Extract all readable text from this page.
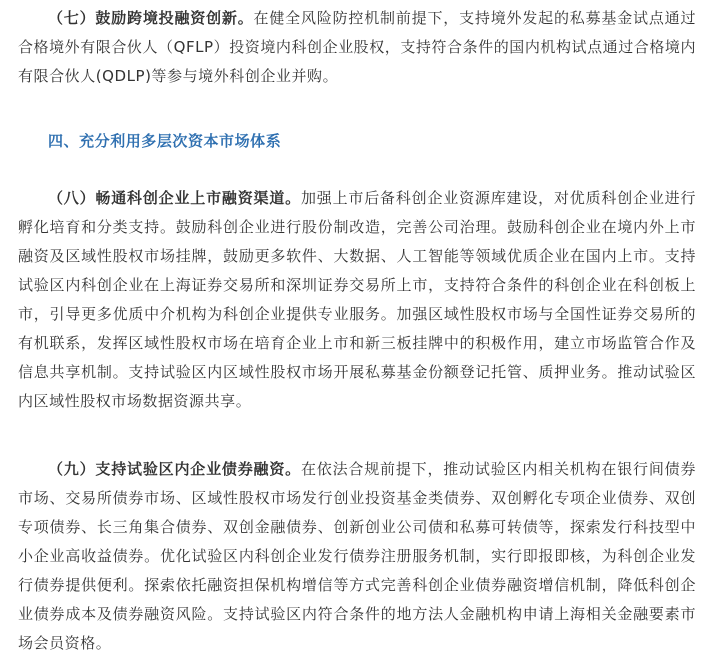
（七）鼓励跨境投融资创新。在健全风险防控机制前提下，支持境外发起的私募基金试点通过合格境外有限合伙人（QFLP）投资境内科创企业股权，支持符合条件的国内机构试点通过合格境内有限合伙人(QDLP)等参与境外科创企业并购。

四、充分利用多层次资本市场体系

（八）畅通科创企业上市融资渠道。加强上市后备科创企业资源库建设，对优质科创企业进行孵化培育和分类支持。鼓励科创企业进行股份制改造，完善公司治理。鼓励科创企业在境内外上市融资及区域性股权市场挂牌，鼓励更多软件、大数据、人工智能等领域优质企业在国内上市。支持试验区内科创企业在上海证券交易所和深圳证券交易所上市，支持符合条件的科创企业在科创板上市，引导更多优质中介机构为科创企业提供专业服务。加强区域性股权市场与全国性证券交易所的有机联系，发挥区域性股权市场在培育企业上市和新三板挂牌中的积极作用，建立市场监管合作及信息共享机制。支持试验区内区域性股权市场开展私募基金份额登记托管、质押业务。推动试验区内区域性股权市场数据资源共享。

（九）支持试验区内企业债券融资。在依法合规前提下，推动试验区内相关机构在银行间债券市场、交易所债券市场、区域性股权市场发行创业投资基金类债券、双创孵化专项企业债券、双创专项债券、长三角集合债券、双创金融债券、创新创业公司债和私募可转债等，探索发行科技型中小企业高收益债券。优化试验区内科创企业发行债券注册服务机制，实行即报即核，为科创企业发行债券提供便利。探索依托融资担保机构增信等方式完善科创企业债券融资增信机制，降低科创企业债券成本及债券融资风险。支持试验区内符合条件的地方法人金融机构申请上海相关金融要素市场会员资格。
